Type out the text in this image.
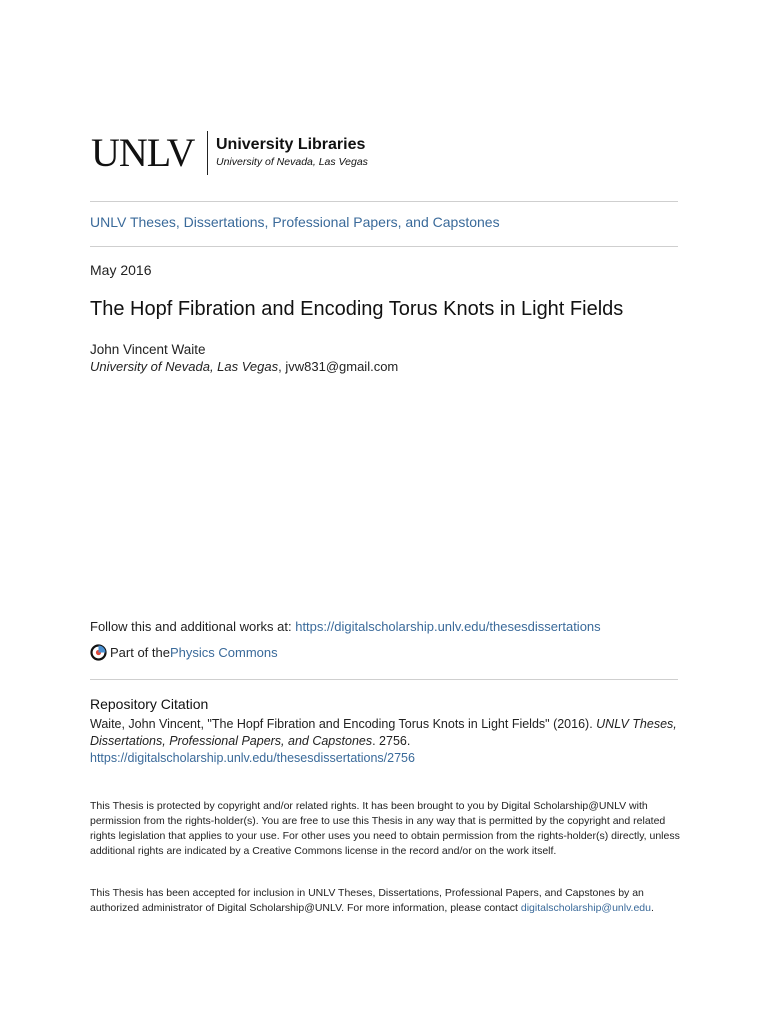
UNLV University Libraries
University of Nevada, Las Vegas
UNLV Theses, Dissertations, Professional Papers, and Capstones
May 2016
The Hopf Fibration and Encoding Torus Knots in Light Fields
John Vincent Waite
University of Nevada, Las Vegas, jvw831@gmail.com
Follow this and additional works at: https://digitalscholarship.unlv.edu/thesesdissertations
Part of the Physics Commons
Repository Citation
Waite, John Vincent, "The Hopf Fibration and Encoding Torus Knots in Light Fields" (2016). UNLV Theses, Dissertations, Professional Papers, and Capstones. 2756.
https://digitalscholarship.unlv.edu/thesesdissertations/2756
This Thesis is protected by copyright and/or related rights. It has been brought to you by Digital Scholarship@UNLV with permission from the rights-holder(s). You are free to use this Thesis in any way that is permitted by the copyright and related rights legislation that applies to your use. For other uses you need to obtain permission from the rights-holder(s) directly, unless additional rights are indicated by a Creative Commons license in the record and/or on the work itself.
This Thesis has been accepted for inclusion in UNLV Theses, Dissertations, Professional Papers, and Capstones by an authorized administrator of Digital Scholarship@UNLV. For more information, please contact digitalscholarship@unlv.edu.
